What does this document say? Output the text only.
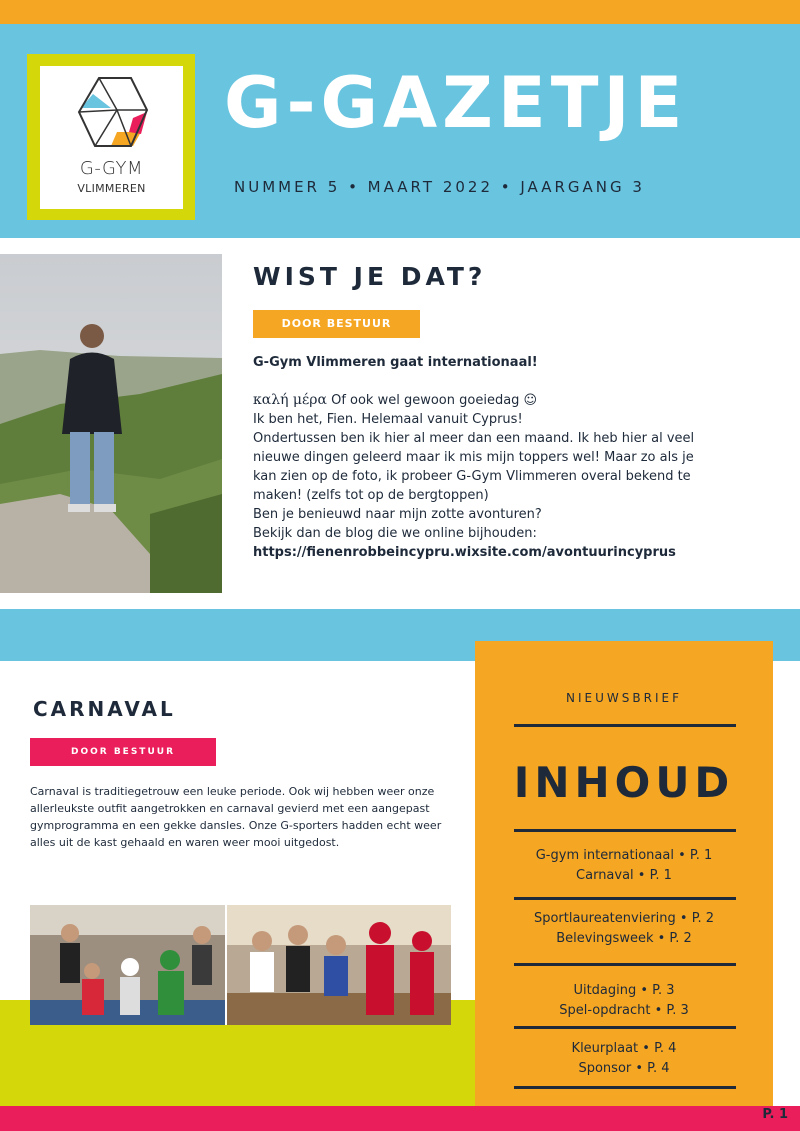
G-GYM
VLIMMEREN
G-GAZETJE
NUMMER 5 • MAART 2022 • JAARGANG 3
WIST JE DAT?
DOOR BESTUUR
G-Gym Vlimmeren gaat internationaal!
καλή μέρα Of ook wel gewoon goeiedag ☺
Ik ben het, Fien. Helemaal vanuit Cyprus!
Ondertussen ben ik hier al meer dan een maand. Ik heb hier al veel
nieuwe dingen geleerd maar ik mis mijn toppers wel! Maar zo als je
kan zien op de foto, ik probeer G-Gym Vlimmeren overal bekend te
maken! (zelfs tot op de bergtoppen)
Ben je benieuwd naar mijn zotte avonturen?
Bekijk dan de blog die we online bijhouden:
https://fienenrobbeincypru.wixsite.com/avontuurincyprus
CARNAVAL
DOOR BESTUUR
Carnaval is traditiegetrouw een leuke periode. Ook wij hebben weer onze allerleukste outfit aangetrokken en carnaval gevierd met een aangepast gymprogramma en een gekke dansles. Onze G-sporters hadden echt weer alles uit de kast gehaald en waren weer mooi uitgedost.
NIEUWSBRIEF
INHOUD
G-gym internationaal • P. 1
Carnaval • P. 1
Sportlaureatenviering • P. 2
Belevingsweek • P. 2
Uitdaging • P. 3
Spel-opdracht • P. 3
Kleurplaat • P. 4
Sponsor • P. 4
P. 1
